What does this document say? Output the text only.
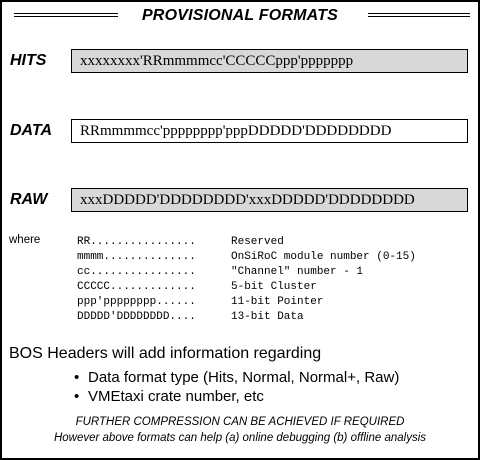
PROVISIONAL FORMATS
HITS	xxxxxxxx'RRmmmmcc'CCCCCppp'ppppppp
DATA	RRmmmmcc'pppppppp'pppDDDDD'DDDDDDDD
RAW	xxxDDDDD'DDDDDDDD'xxxDDDDD'DDDDDDDD
where	RR................	Reserved
mmmm..............	OnSiRoC module number (0-15)
cc................	"Channel" number - 1
CCCCC.............	5-bit Cluster
ppp'pppppppp......	11-bit Pointer
DDDDD'DDDDDDDD....	13-bit Data
BOS Headers will add information regarding
• Data format type (Hits, Normal, Normal+, Raw)
• VMEtaxi crate number, etc
FURTHER COMPRESSION CAN BE ACHIEVED IF REQUIRED
However above formats can help (a) online debugging (b) offline analysis
